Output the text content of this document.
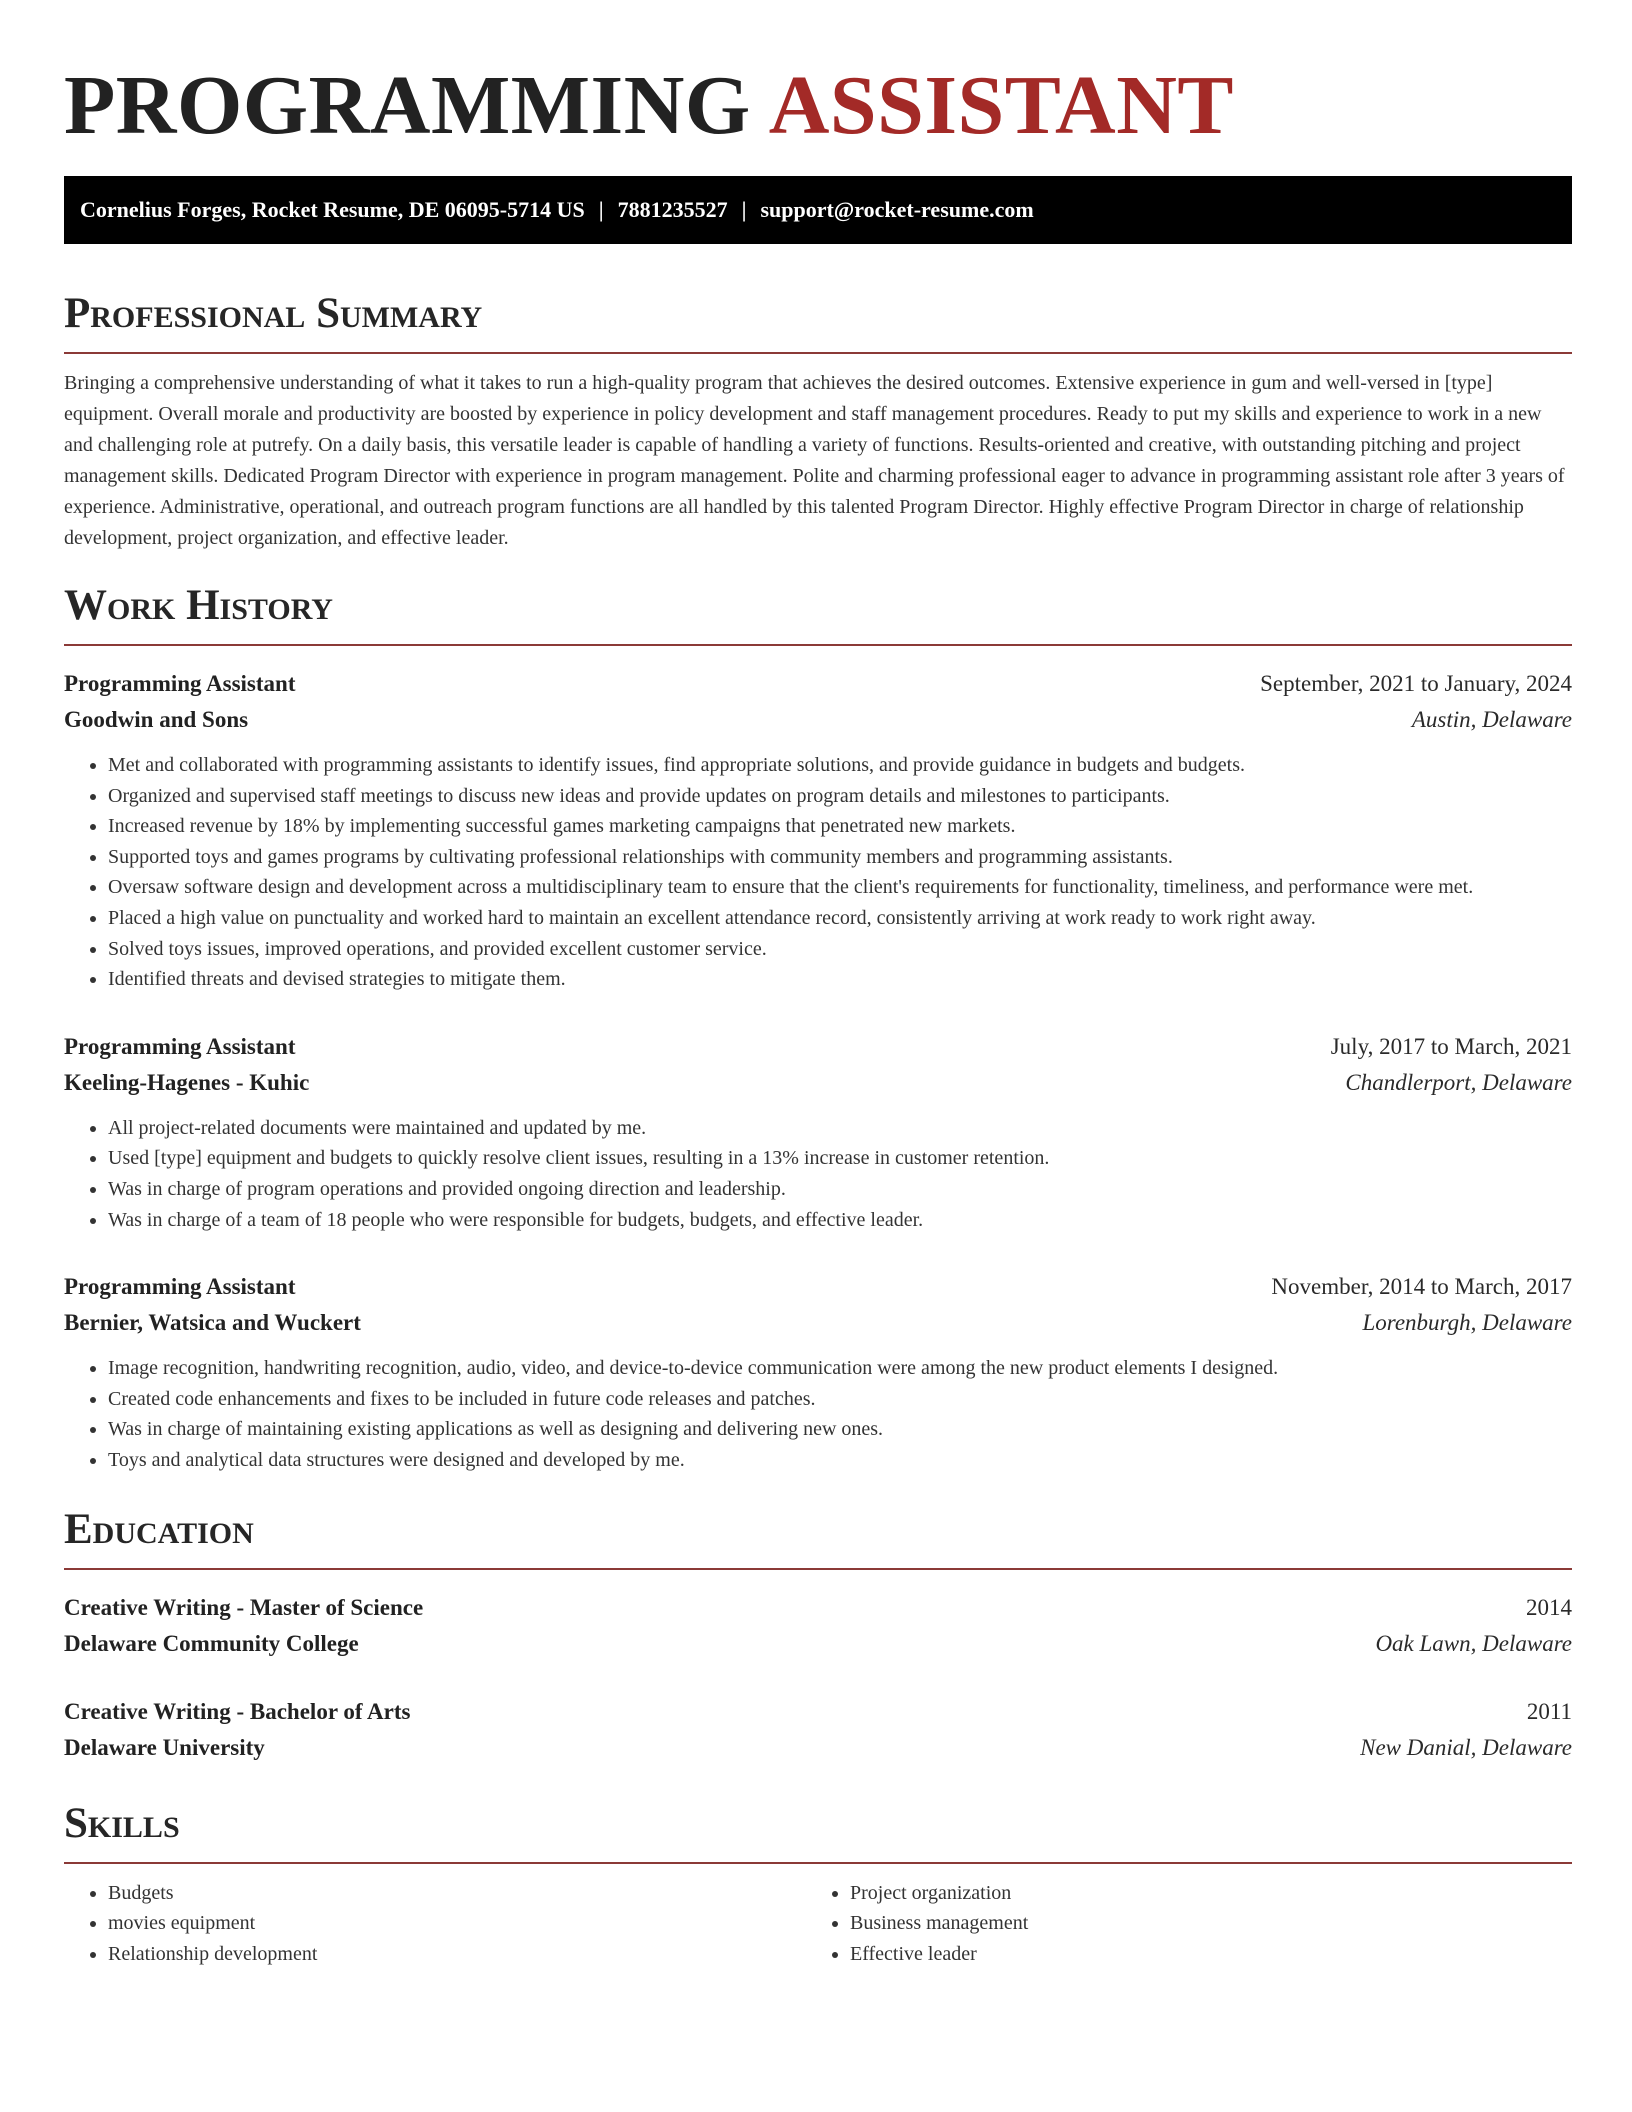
PROGRAMMING ASSISTANT
Cornelius Forges, Rocket Resume, DE 06095-5714 US | 7881235527 | support@rocket-resume.com
Professional Summary

Bringing a comprehensive understanding of what it takes to run a high-quality program that achieves the desired outcomes. Extensive experience in gum and well-versed in [type] equipment. Overall morale and productivity are boosted by experience in policy development and staff management procedures. Ready to put my skills and experience to work in a new and challenging role at putrefy. On a daily basis, this versatile leader is capable of handling a variety of functions. Results-oriented and creative, with outstanding pitching and project management skills. Dedicated Program Director with experience in program management. Polite and charming professional eager to advance in programming assistant role after 3 years of experience. Administrative, operational, and outreach program functions are all handled by this talented Program Director. Highly effective Program Director in charge of relationship development, project organization, and effective leader.

Work History
Programming Assistant	September, 2021 to January, 2024
Goodwin and Sons	Austin, Delaware
• Met and collaborated with programming assistants to identify issues, find appropriate solutions, and provide guidance in budgets and budgets.
• Organized and supervised staff meetings to discuss new ideas and provide updates on program details and milestones to participants.
• Increased revenue by 18% by implementing successful games marketing campaigns that penetrated new markets.
• Supported toys and games programs by cultivating professional relationships with community members and programming assistants.
• Oversaw software design and development across a multidisciplinary team to ensure that the client's requirements for functionality, timeliness, and performance were met.
• Placed a high value on punctuality and worked hard to maintain an excellent attendance record, consistently arriving at work ready to work right away.
• Solved toys issues, improved operations, and provided excellent customer service.
• Identified threats and devised strategies to mitigate them.
Programming Assistant	July, 2017 to March, 2021
Keeling-Hagenes - Kuhic	Chandlerport, Delaware
• All project-related documents were maintained and updated by me.
• Used [type] equipment and budgets to quickly resolve client issues, resulting in a 13% increase in customer retention.
• Was in charge of program operations and provided ongoing direction and leadership.
• Was in charge of a team of 18 people who were responsible for budgets, budgets, and effective leader.
Programming Assistant	November, 2014 to March, 2017
Bernier, Watsica and Wuckert	Lorenburgh, Delaware
• Image recognition, handwriting recognition, audio, video, and device-to-device communication were among the new product elements I designed.
• Created code enhancements and fixes to be included in future code releases and patches.
• Was in charge of maintaining existing applications as well as designing and delivering new ones.
• Toys and analytical data structures were designed and developed by me.
Education
Creative Writing - Master of Science	2014
Delaware Community College	Oak Lawn, Delaware
Creative Writing - Bachelor of Arts	2011
Delaware University	New Danial, Delaware
Skills
• Budgets
• movies equipment
• Relationship development
• Project organization
• Business management
• Effective leader
